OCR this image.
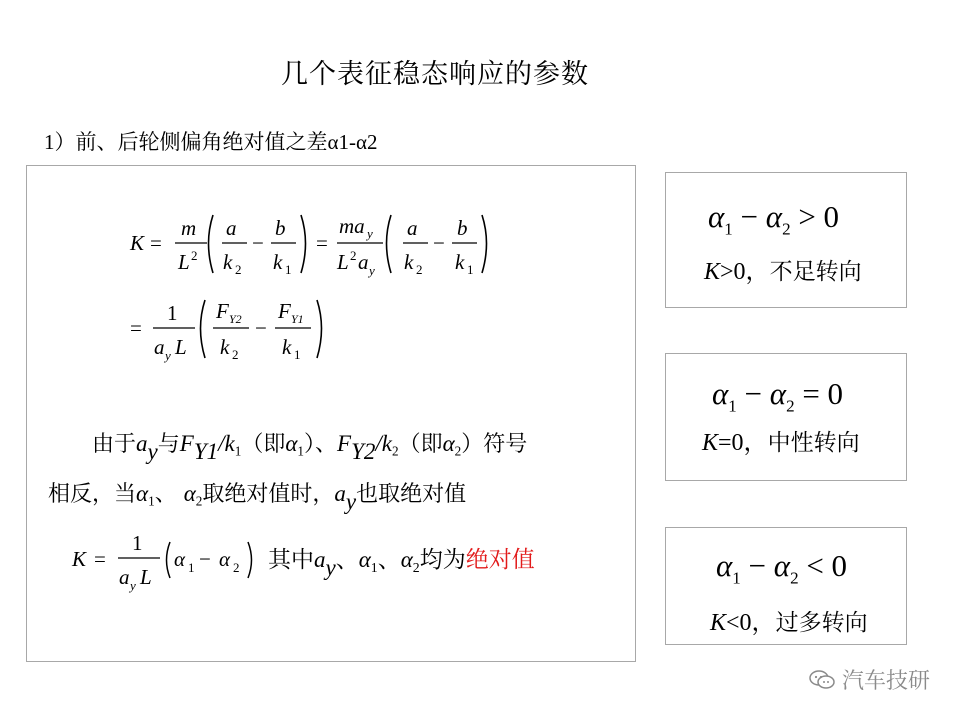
几个表征稳态响应的参数
1）前、后轮侧偏角绝对值之差α1-α2
K =
m
L 2
a
k 2
−
b
k 1
=
ma y
L 2 a y
a
k 2
−
b
k 1
=
1
a y L
F Y2
k 2
−
F Y1
k 1
由于$a_y$与$F_{Y1}/k_1$（即$\alpha_1$）、$F_{Y2}/k_2$（即$\alpha_2$）符号
相反，当$\alpha_1$、 $\alpha_2$取绝对值时，$a_y$也取绝对值
K =
1
a y L
α 1 − α 2 其中$a_y$、$\alpha_1$、$\alpha_2$均为绝对值
$\alpha_1 - \alpha_2 > 0$
K>0，不足转向
$\alpha_1 - \alpha_2 = 0$
K=0，中性转向
$\alpha_1 - \alpha_2 < 0$
K<0，过多转向
汽车技研
